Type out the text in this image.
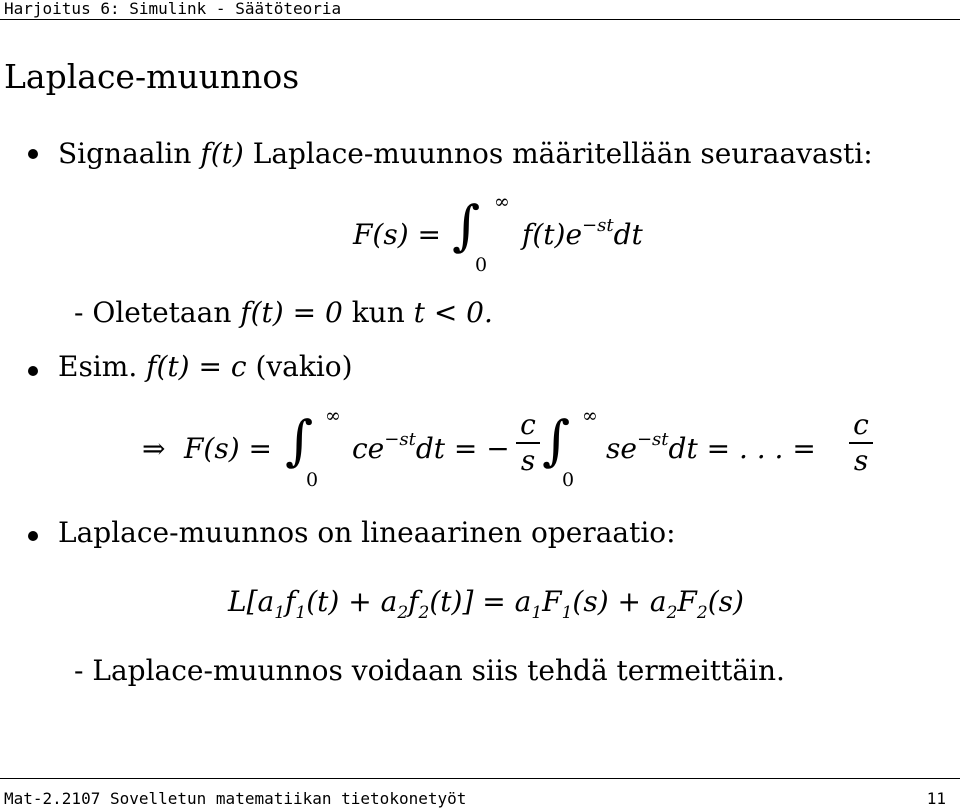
Harjoitus 6: Simulink - Säätöteoria
Laplace-muunnos
Signaalin f(t) Laplace-muunnos määritellään seuraavasti:
F(s) = ∫ ∞
0
$f(t)e^{-st}dt$
- Oletetaan f(t) = 0 kun t < 0.
Esim. f(t) = c (vakio)
⇒ F(s) = ∫ ∞
0
$ce^{-st}dt$ = −
c
s ∫ ∞
0
$se^{-st}dt$ = . . . =
c
s
Laplace-muunnos on lineaarinen operaatio:
$L[a_1f_1(t) + a_2f_2(t)] = a_1F_1(s) + a_2F_2(s)$
- Laplace-muunnos voidaan siis tehdä termeittäin.
Mat-2.2107 Sovelletun matematiikan tietokonetyöt	11
